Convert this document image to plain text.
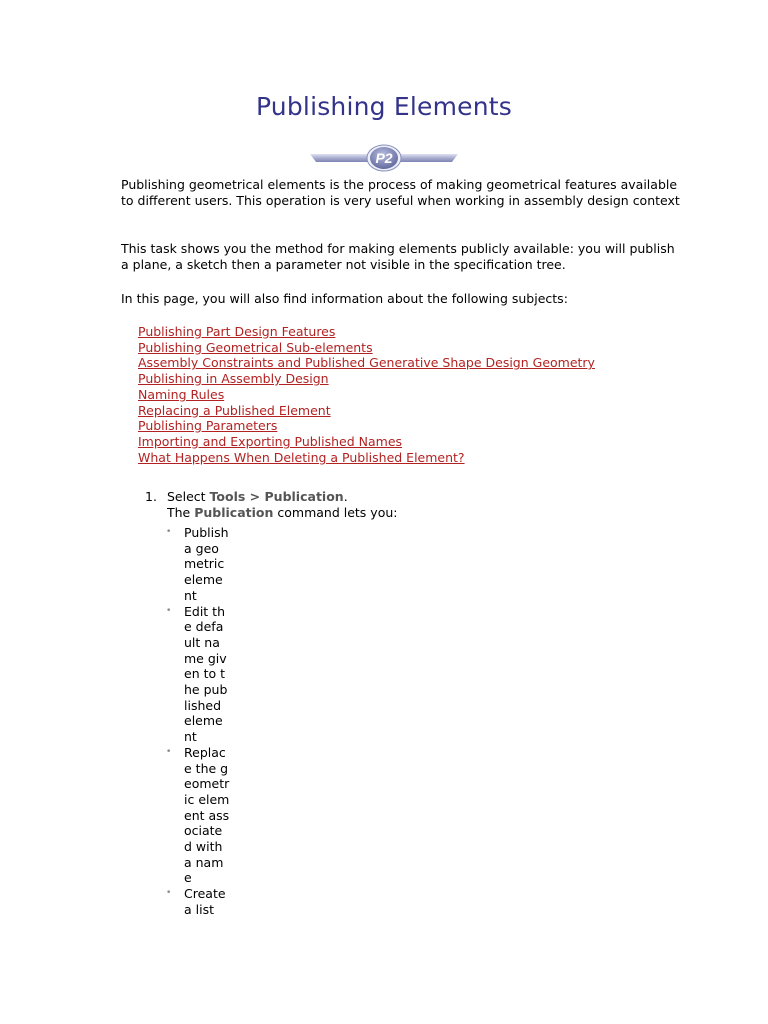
Publishing Elements
P2

Publishing geometrical elements is the process of making geometrical features available to different users. This operation is very useful when working in assembly design context

This task shows you the method for making elements publicly available: you will publish a plane, a sketch then a parameter not visible in the specification tree.

In this page, you will also find information about the following subjects:

Publishing Part Design Features
Publishing Geometrical Sub-elements
Assembly Constraints and Published Generative Shape Design Geometry
Publishing in Assembly Design
Naming Rules
Replacing a Published Element
Publishing Parameters
Importing and Exporting Published Names
What Happens When Deleting a Published Element?
1. Select Tools > Publication.
The Publication command lets you:
• Publish a geometric element
• Edit the default name given to the published element
• Replace the geometric element associated with a name
• Create a list
